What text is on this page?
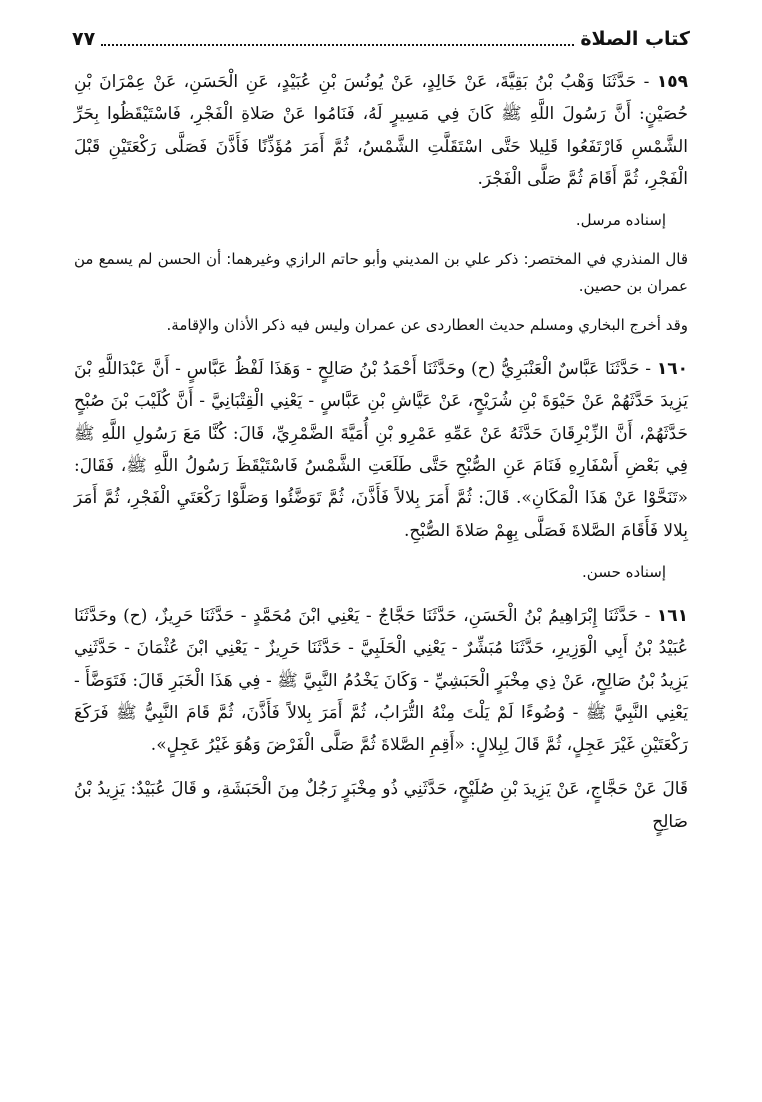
كتاب الصلاة
٧٧

١٥٩ - حَدَّثَنَا وَهْبُ بْنُ بَقِيَّةَ، عَنْ خَالِدٍ، عَنْ يُونُسَ بْنِ عُبَيْدٍ، عَنِ الْحَسَنِ، عَنْ عِمْرَانَ بْنِ حُصَيْنٍ: أَنَّ رَسُولَ اللَّهِ ﷺ كَانَ فِي مَسِيرٍ لَهُ، فَنَامُوا عَنْ صَلاةِ الْفَجْرِ، فَاسْتَيْقَظُوا بِحَرِّ الشَّمْسِ فَارْتَفَعُوا قَلِيلا حَتَّى اسْتَقَلَّتِ الشَّمْسُ، ثُمَّ أَمَرَ مُؤَذِّنًا فَأَذَّنَ فَصَلَّى رَكْعَتَيْنِ قَبْلَ الْفَجْرِ، ثُمَّ أَقَامَ ثُمَّ صَلَّى الْفَجْرَ.

إسناده مرسل.

قال المنذري في المختصر: ذكر علي بن المديني وأبو حاتم الرازي وغيرهما: أن الحسن لم يسمع من عمران بن حصين.

وقد أخرج البخاري ومسلم حديث العطاردى عن عمران وليس فيه ذكر الأذان والإقامة.

١٦٠ - حَدَّثَنَا عَبَّاسٌ الْعَنْبَرِيُّ (ح) وحَدَّثَنَا أَحْمَدُ بْنُ صَالِحٍ - وَهَذَا لَفْظُ عَبَّاسٍ - أَنَّ عَبْدَاللَّهِ بْنَ يَزِيدَ حَدَّثَهُمْ عَنْ حَيْوَةَ بْنِ شُرَيْحٍ، عَنْ عَيَّاشِ بْنِ عَبَّاسٍ - يَعْنِي الْقِتْبَانِيَّ - أَنَّ كُلَيْبَ بْنَ صُبْحٍ حَدَّثَهُمْ، أَنَّ الزِّبْرِقَانَ حَدَّثَهُ عَنْ عَمِّهِ عَمْرِو بْنِ أُمَيَّةَ الضَّمْرِيِّ، قَالَ: كُنَّا مَعَ رَسُولِ اللَّهِ ﷺ فِي بَعْضِ أَسْفَارِهِ فَنَامَ عَنِ الصُّبْحِ حَتَّى طَلَعَتِ الشَّمْسُ فَاسْتَيْقَظَ رَسُولُ اللَّهِ ﷺ، فَقَالَ: «تَنَحَّوْا عَنْ هَذَا الْمَكَانِ». قَالَ: ثُمَّ أَمَرَ بِلالاً فَأَذَّنَ، ثُمَّ تَوَضَّئُوا وَصَلَّوْا رَكْعَتَيِ الْفَجْرِ، ثُمَّ أَمَرَ بِلالا فَأَقَامَ الصَّلاةَ فَصَلَّى بِهِمْ صَلاةَ الصُّبْحِ.

إسناده حسن.

١٦١ - حَدَّثَنَا إِبْرَاهِيمُ بْنُ الْحَسَنِ، حَدَّثَنَا حَجَّاجٌ - يَعْنِي ابْنَ مُحَمَّدٍ - حَدَّثَنَا حَرِيزٌ، (ح) وحَدَّثَنَا عُبَيْدُ بْنُ أَبِي الْوَزِيرِ، حَدَّثَنَا مُبَشِّرٌ - يَعْنِي الْحَلَبِيَّ - حَدَّثَنَا حَرِيزٌ - يَعْنِي ابْنَ عُثْمَانَ - حَدَّثَنِي يَزِيدُ بْنُ صَالِحٍ، عَنْ ذِي مِخْبَرٍ الْحَبَشِيِّ - وَكَانَ يَخْدُمُ النَّبِيَّ ﷺ - فِي هَذَا الْخَبَرِ قَالَ: فَتَوَضَّأَ - يَعْنِي النَّبِيَّ ﷺ - وُضُوءًا لَمْ يَلْتَ مِنْهُ التُّرَابُ، ثُمَّ أَمَرَ بِلالاً فَأَذَّنَ، ثُمَّ قَامَ النَّبِيُّ ﷺ فَرَكَعَ رَكْعَتَيْنِ غَيْرَ عَجِلٍ، ثُمَّ قَالَ لِبِلالٍ: «أَقِمِ الصَّلاةَ ثُمَّ صَلَّى الْفَرْضَ وَهُوَ غَيْرُ عَجِلٍ».

قَالَ عَنْ حَجَّاجٍ، عَنْ يَزِيدَ بْنِ صُلَيْحٍ، حَدَّثَنِي ذُو مِخْبَرٍ رَجُلٌ مِنَ الْحَبَشَةِ، و قَالَ عُبَيْدٌ: يَزِيدُ بْنُ صَالِحٍ
